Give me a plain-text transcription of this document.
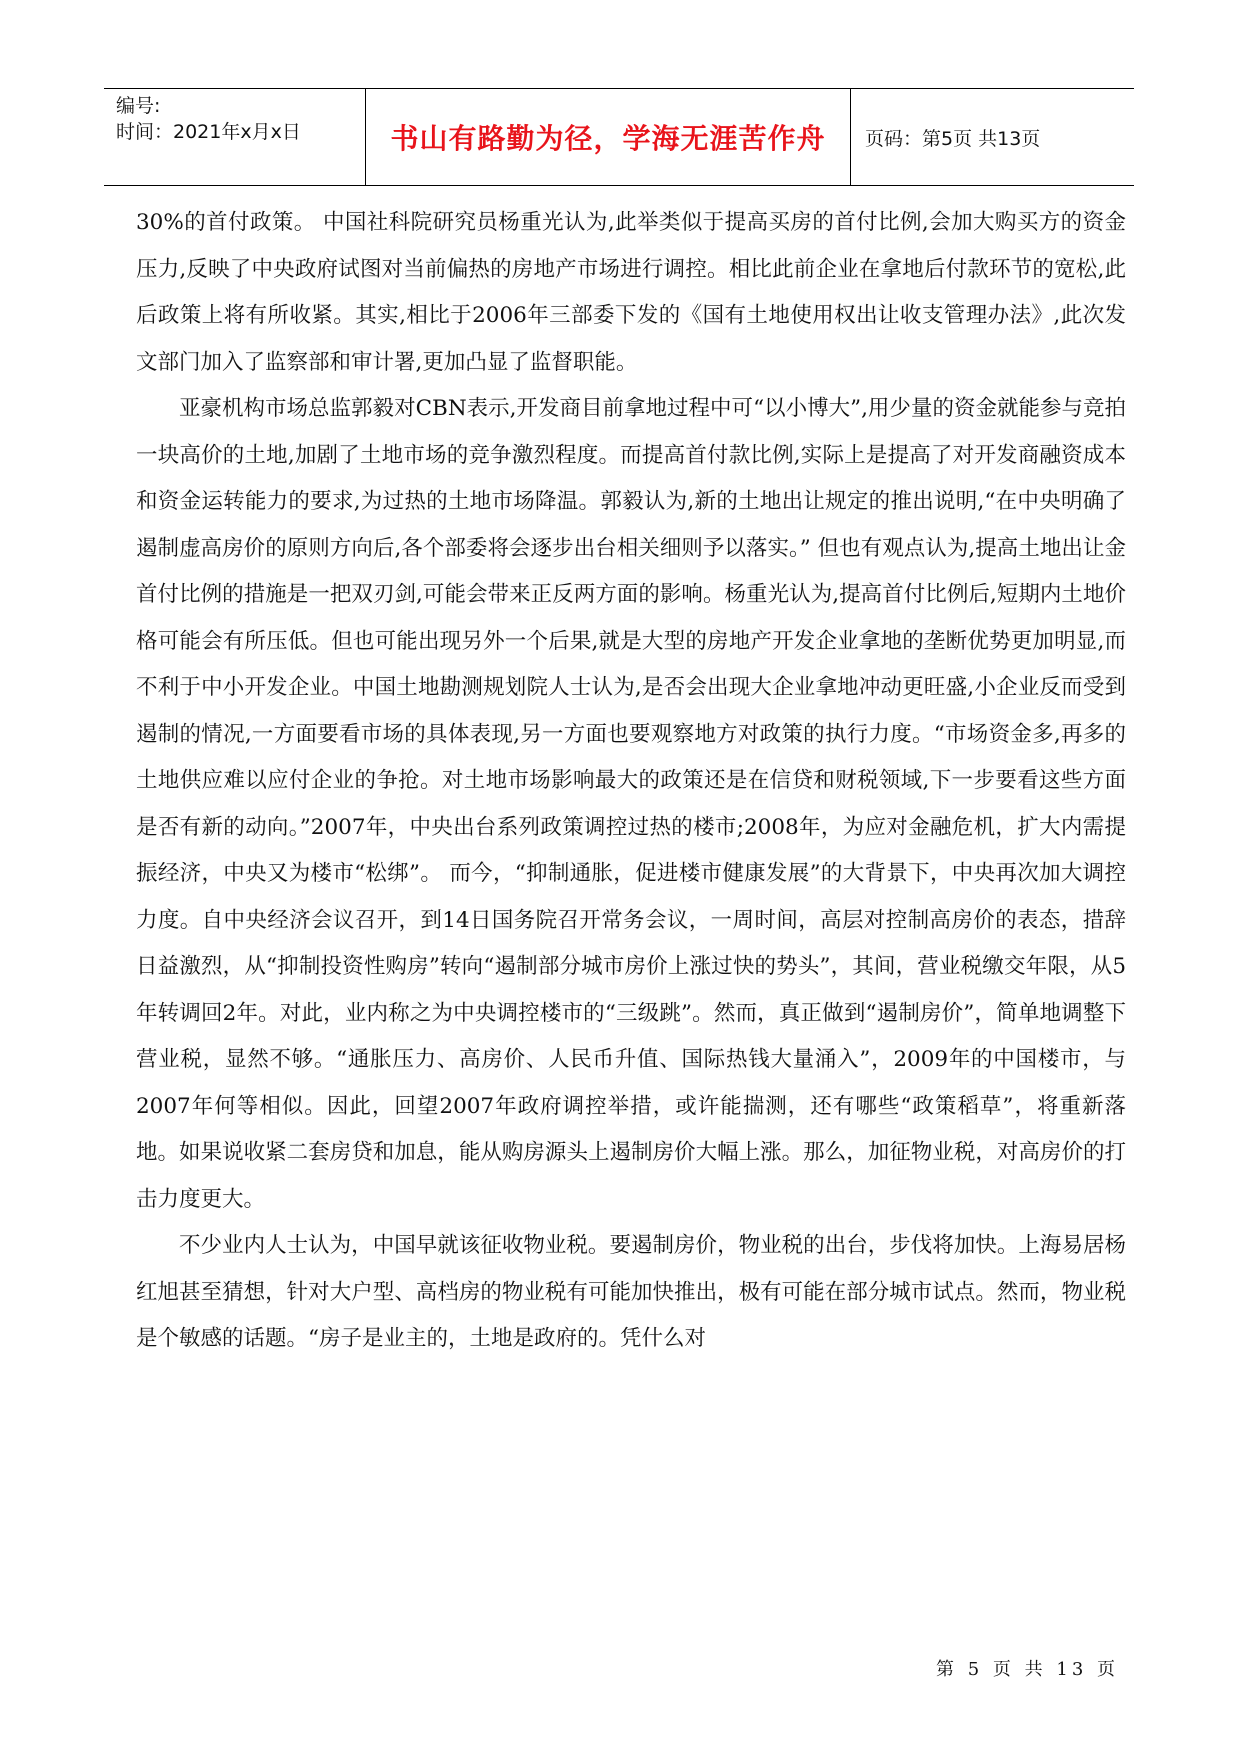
编号:
时间：2021年x月x日	书山有路勤为径，学海无涯苦作舟	页码：第5页 共13页

30%的首付政策。 中国社科院研究员杨重光认为,此举类似于提高买房的首付比例,会加大购买方的资金压力,反映了中央政府试图对当前偏热的房地产市场进行调控。相比此前企业在拿地后付款环节的宽松,此后政策上将有所收紧。其实,相比于2006年三部委下发的《国有土地使用权出让收支管理办法》,此次发文部门加入了监察部和审计署,更加凸显了监督职能。

亚豪机构市场总监郭毅对CBN表示,开发商目前拿地过程中可“以小博大”,用少量的资金就能参与竞拍一块高价的土地,加剧了土地市场的竞争激烈程度。而提高首付款比例,实际上是提高了对开发商融资成本和资金运转能力的要求,为过热的土地市场降温。郭毅认为,新的土地出让规定的推出说明,“在中央明确了遏制虚高房价的原则方向后,各个部委将会逐步出台相关细则予以落实。” 但也有观点认为,提高土地出让金首付比例的措施是一把双刃剑,可能会带来正反两方面的影响。杨重光认为,提高首付比例后,短期内土地价格可能会有所压低。但也可能出现另外一个后果,就是大型的房地产开发企业拿地的垄断优势更加明显,而不利于中小开发企业。中国土地勘测规划院人士认为,是否会出现大企业拿地冲动更旺盛,小企业反而受到遏制的情况,一方面要看市场的具体表现,另一方面也要观察地方对政策的执行力度。“市场资金多,再多的土地供应难以应付企业的争抢。对土地市场影响最大的政策还是在信贷和财税领域,下一步要看这些方面是否有新的动向。”2007年，中央出台系列政策调控过热的楼市;2008年，为应对金融危机，扩大内需提振经济，中央又为楼市“松绑”。 而今，“抑制通胀，促进楼市健康发展”的大背景下，中央再次加大调控力度。自中央经济会议召开，到14日国务院召开常务会议，一周时间，高层对控制高房价的表态，措辞日益激烈，从“抑制投资性购房”转向“遏制部分城市房价上涨过快的势头”，其间，营业税缴交年限，从5年转调回2年。对此，业内称之为中央调控楼市的“三级跳”。然而，真正做到“遏制房价”，简单地调整下营业税，显然不够。“通胀压力、高房价、人民币升值、国际热钱大量涌入”，2009年的中国楼市，与2007年何等相似。因此，回望2007年政府调控举措，或许能揣测，还有哪些“政策稻草”，将重新落地。如果说收紧二套房贷和加息，能从购房源头上遏制房价大幅上涨。那么，加征物业税，对高房价的打击力度更大。

不少业内人士认为，中国早就该征收物业税。要遏制房价，物业税的出台，步伐将加快。上海易居杨红旭甚至猜想，针对大户型、高档房的物业税有可能加快推出，极有可能在部分城市试点。然而，物业税是个敏感的话题。“房子是业主的，土地是政府的。凭什么对

第 5 页 共 13 页
